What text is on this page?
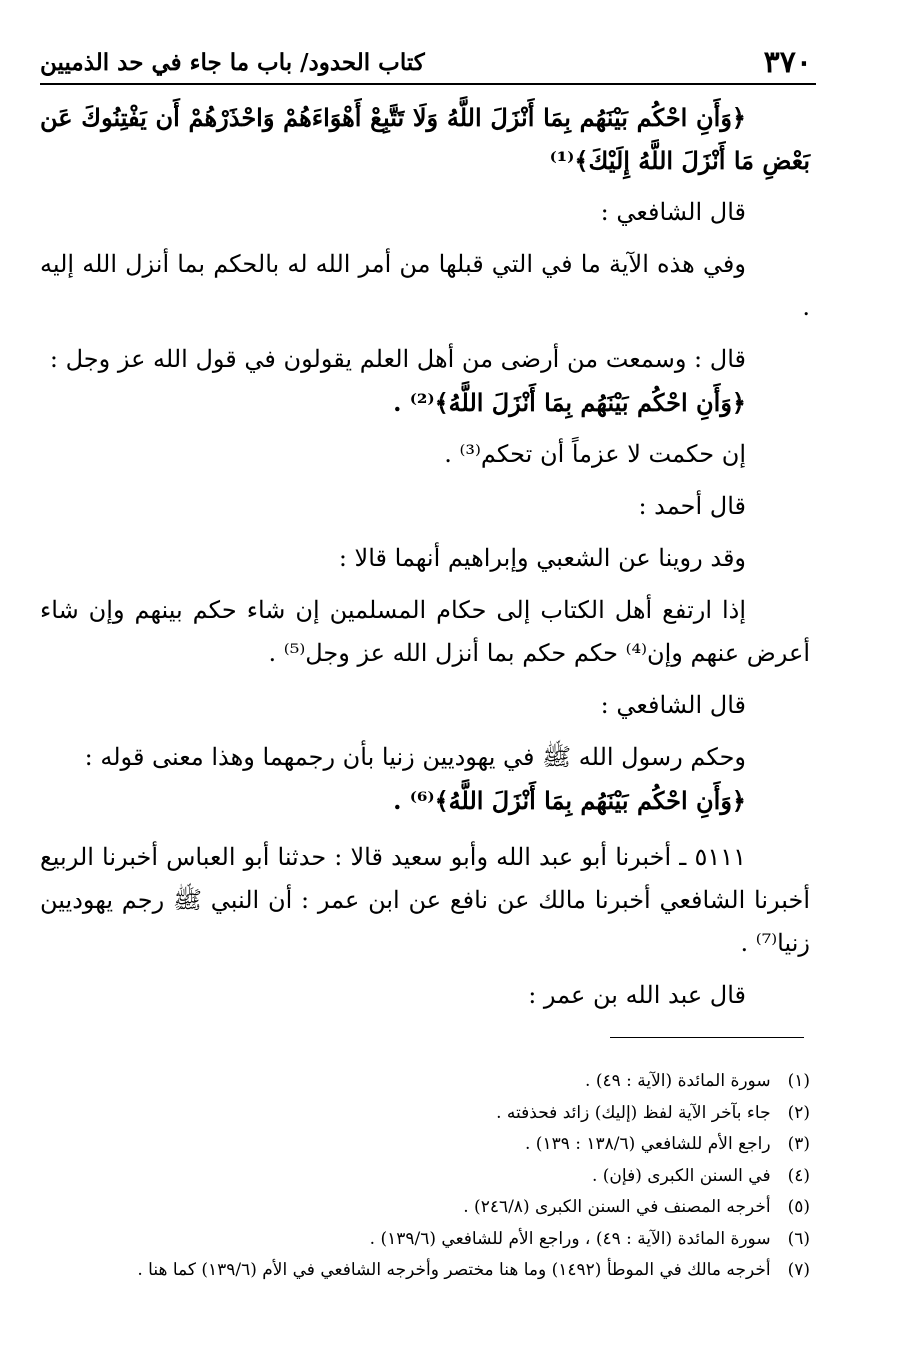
٣٧٠
كتاب الحدود/ باب ما جاء في حد الذميين

﴿وَأَنِ احْكُم بَيْنَهُم بِمَا أَنْزَلَ اللَّهُ وَلَا تَتَّبِعْ أَهْوَاءَهُمْ وَاحْذَرْهُمْ أَن يَفْتِنُوكَ عَن بَعْضِ مَا أَنْزَلَ اللَّهُ إِلَيْكَ﴾⁽¹⁾

قال الشافعي :

وفي هذه الآية ما في التي قبلها من أمر الله له بالحكم بما أنزل الله إليه .

قال : وسمعت من أرضى من أهل العلم يقولون في قول الله عز وجل :

﴿وَأَنِ احْكُم بَيْنَهُم بِمَا أَنْزَلَ اللَّهُ﴾⁽²⁾ .

إن حكمت لا عزماً أن تحكم⁽³⁾ .

قال أحمد :

وقد روينا عن الشعبي وإبراهيم أنهما قالا :

إذا ارتفع أهل الكتاب إلى حكام المسلمين إن شاء حكم بينهم وإن شاء أعرض عنهم وإن⁽⁴⁾ حكم حكم بما أنزل الله عز وجل⁽⁵⁾ .

قال الشافعي :

وحكم رسول الله ﷺ في يهوديين زنيا بأن رجمهما وهذا معنى قوله :

﴿وَأَنِ احْكُم بَيْنَهُم بِمَا أَنْزَلَ اللَّهُ﴾⁽⁶⁾ .

٥١١١ ـ أخبرنا أبو عبد الله وأبو سعيد قالا : حدثنا أبو العباس أخبرنا الربيع أخبرنا الشافعي أخبرنا مالك عن نافع عن ابن عمر : أن النبي ﷺ رجم يهوديين زنيا⁽⁷⁾ .

قال عبد الله بن عمر :

(١) سورة المائدة (الآية : ٤٩) .
(٢) جاء بآخر الآية لفظ (إليك) زائد فحذفته .
(٣) راجع الأم للشافعي (١٣٨/٦ : ١٣٩) .
(٤) في السنن الكبرى (فإن) .
(٥) أخرجه المصنف في السنن الكبرى (٢٤٦/٨) .
(٦) سورة المائدة (الآية : ٤٩) ، وراجع الأم للشافعي (١٣٩/٦) .
(٧) أخرجه مالك في الموطأ (١٤٩٢) وما هنا مختصر وأخرجه الشافعي في الأم (١٣٩/٦) كما هنا .
